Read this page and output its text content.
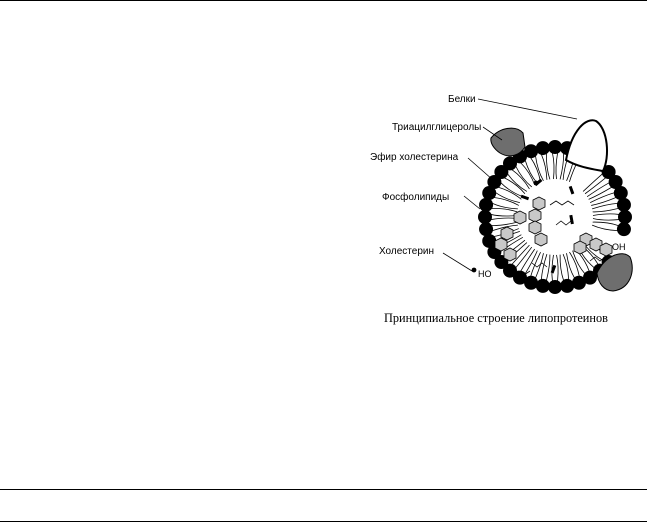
Белки
Триацилглицеролы
Эфир холестерина
Фосфолипиды
Холестерин
НО
ОН
Принципиальное строение липопротеинов
